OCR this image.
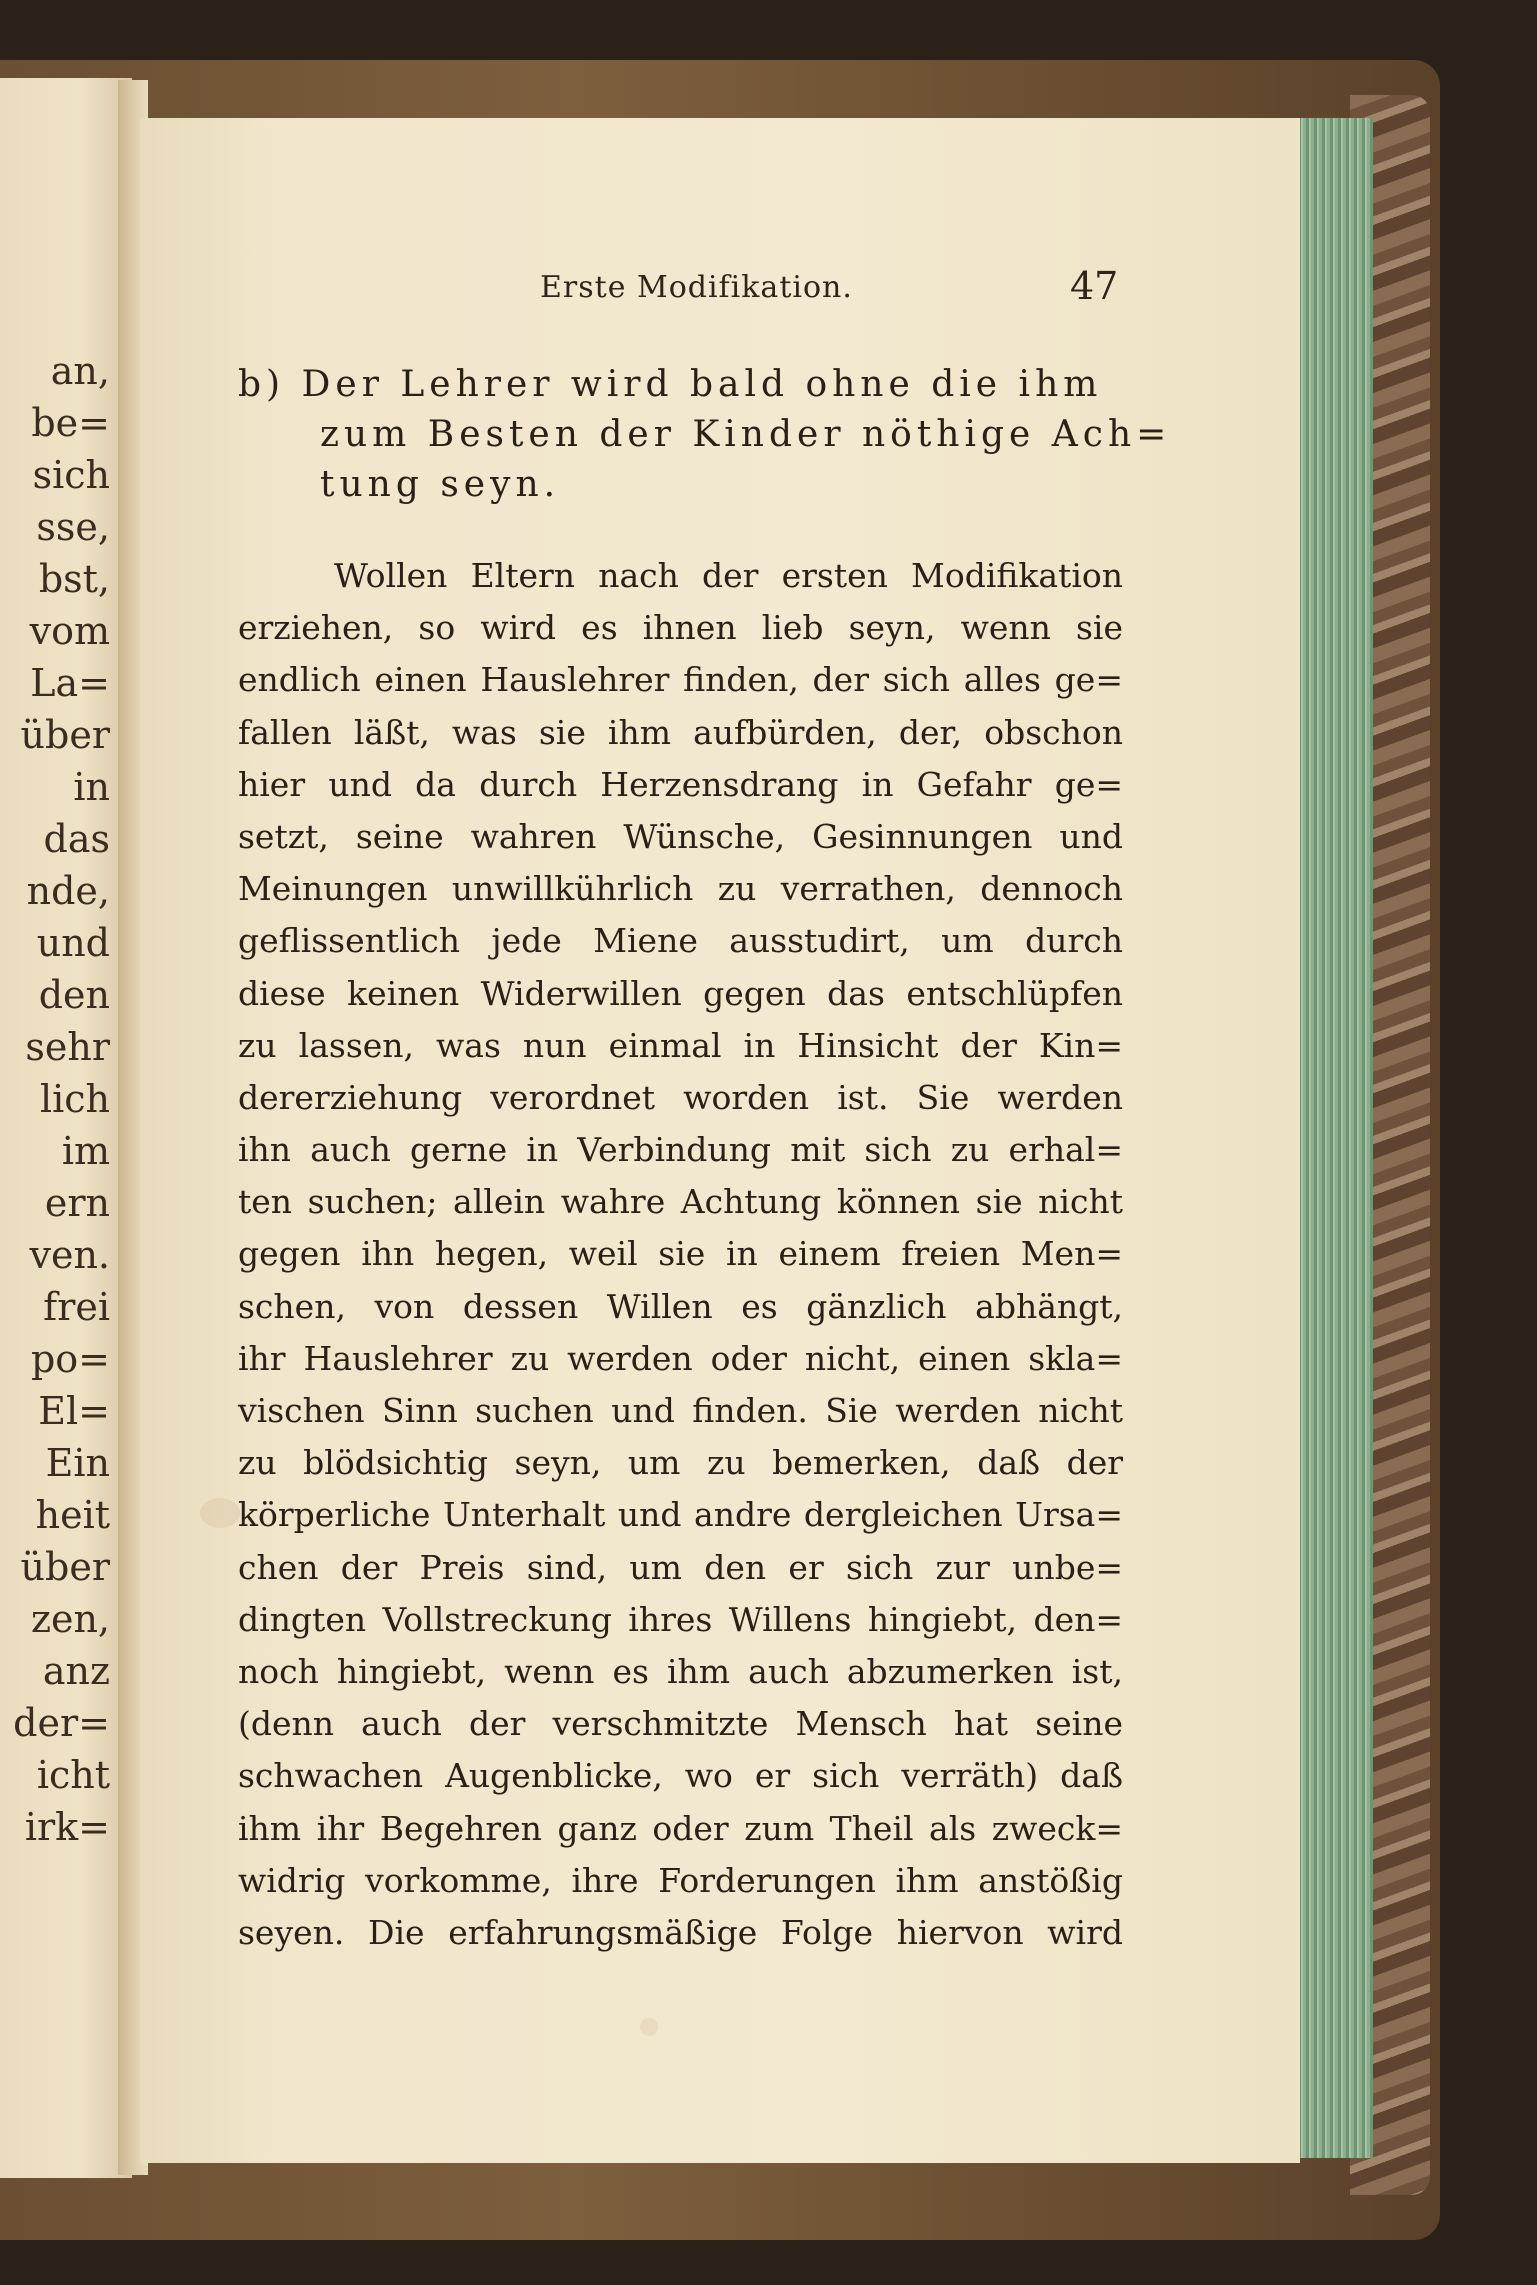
an,
be=
sich
sse,
bst,
vom
La=
über
in
das
nde,
und
den
sehr
lich
im
ern
ven.
frei
po=
El=
Ein
heit
über
zen,
anz
der=
icht
irk=
Erste Modifikation.	47
b) Der Lehrer wird bald ohne die ihm
zum Besten der Kinder nöthige Ach=
tung seyn.
Wollen Eltern nach der ersten Modifikation
erziehen, so wird es ihnen lieb seyn, wenn sie
endlich einen Hauslehrer finden, der sich alles ge=
fallen läßt, was sie ihm aufbürden, der, obschon
hier und da durch Herzensdrang in Gefahr ge=
setzt, seine wahren Wünsche, Gesinnungen und
Meinungen unwillkührlich zu verrathen, dennoch
geflissentlich jede Miene ausstudirt, um durch
diese keinen Widerwillen gegen das entschlüpfen
zu lassen, was nun einmal in Hinsicht der Kin=
dererziehung verordnet worden ist. Sie werden
ihn auch gerne in Verbindung mit sich zu erhal=
ten suchen; allein wahre Achtung können sie nicht
gegen ihn hegen, weil sie in einem freien Men=
schen, von dessen Willen es gänzlich abhängt,
ihr Hauslehrer zu werden oder nicht, einen skla=
vischen Sinn suchen und finden. Sie werden nicht
zu blödsichtig seyn, um zu bemerken, daß der
körperliche Unterhalt und andre dergleichen Ursa=
chen der Preis sind, um den er sich zur unbe=
dingten Vollstreckung ihres Willens hingiebt, den=
noch hingiebt, wenn es ihm auch abzumerken ist,
(denn auch der verschmitzte Mensch hat seine
schwachen Augenblicke, wo er sich verräth) daß
ihm ihr Begehren ganz oder zum Theil als zweck=
widrig vorkomme, ihre Forderungen ihm anstößig
seyen. Die erfahrungsmäßige Folge hiervon wird
